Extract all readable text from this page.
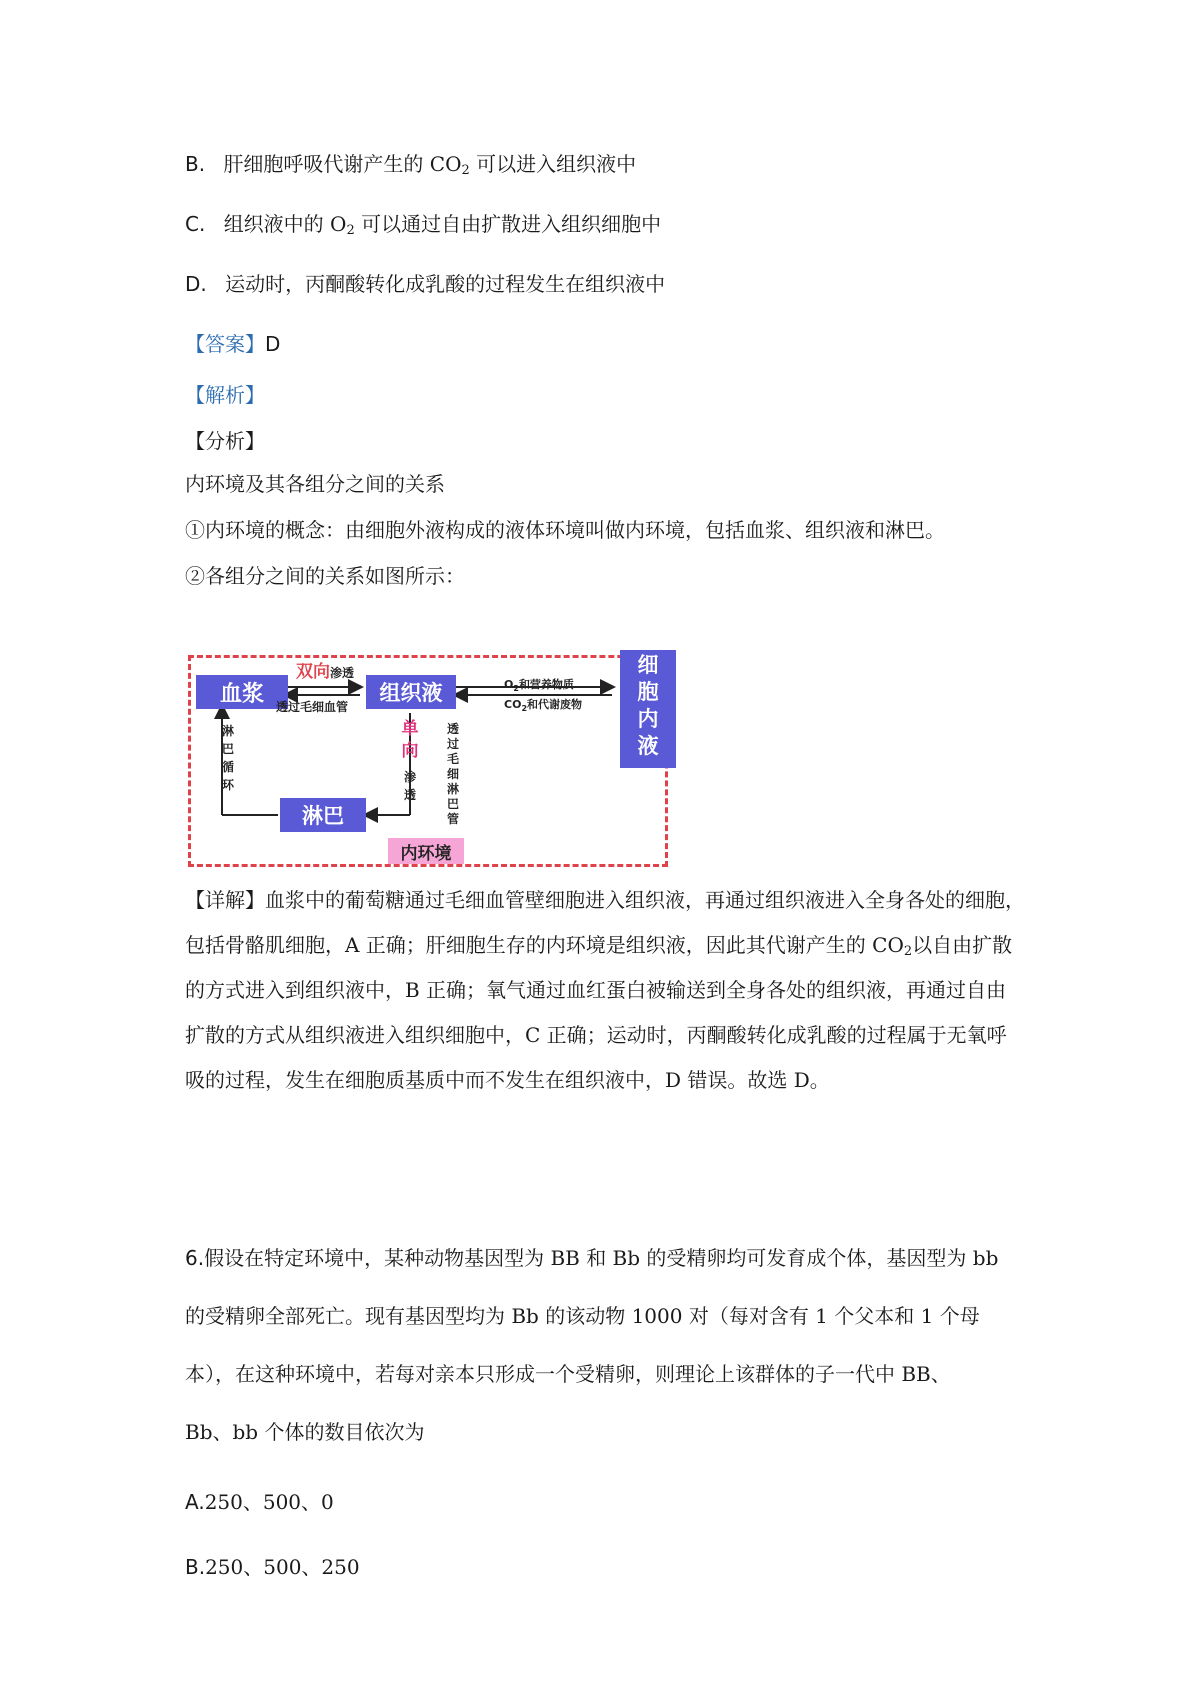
B. 肝细胞呼吸代谢产生的 $CO_2$ 可以进入组织液中
C. 组织液中的 $O_2$ 可以通过自由扩散进入组织细胞中
D. 运动时，丙酮酸转化成乳酸的过程发生在组织液中
【答案】D
【解析】
【分析】
内环境及其各组分之间的关系
①内环境的概念：由细胞外液构成的液体环境叫做内环境，包括血浆、组织液和淋巴。
②各组分之间的关系如图所示：
血浆	组织液
淋巴
内环境
细
胞
内
液
双向渗透
透过毛细血管
$O_2$和营养物质
$CO_2$和代谢废物
淋
巴
循
环
单
向
渗
透
透
过
毛
细
淋
巴
管
【详解】血浆中的葡萄糖通过毛细血管壁细胞进入组织液，再通过组织液进入全身各处的细胞，包括骨骼肌细胞，A 正确；肝细胞生存的内环境是组织液，因此其代谢产生的 $CO_2$以自由扩散的方式进入到组织液中，B 正确；氧气通过血红蛋白被输送到全身各处的组织液，再通过自由扩散的方式从组织液进入组织细胞中，C 正确；运动时，丙酮酸转化成乳酸的过程属于无氧呼吸的过程，发生在细胞质基质中而不发生在组织液中，D 错误。故选 D。
6.假设在特定环境中，某种动物基因型为 BB 和 Bb 的受精卵均可发育成个体，基因型为 bb
的受精卵全部死亡。现有基因型均为 Bb 的该动物 1000 对（每对含有 1 个父本和 1 个母
本），在这种环境中，若每对亲本只形成一个受精卵，则理论上该群体的子一代中 BB、
Bb、bb 个体的数目依次为
A.250、500、0
B.250、500、250
